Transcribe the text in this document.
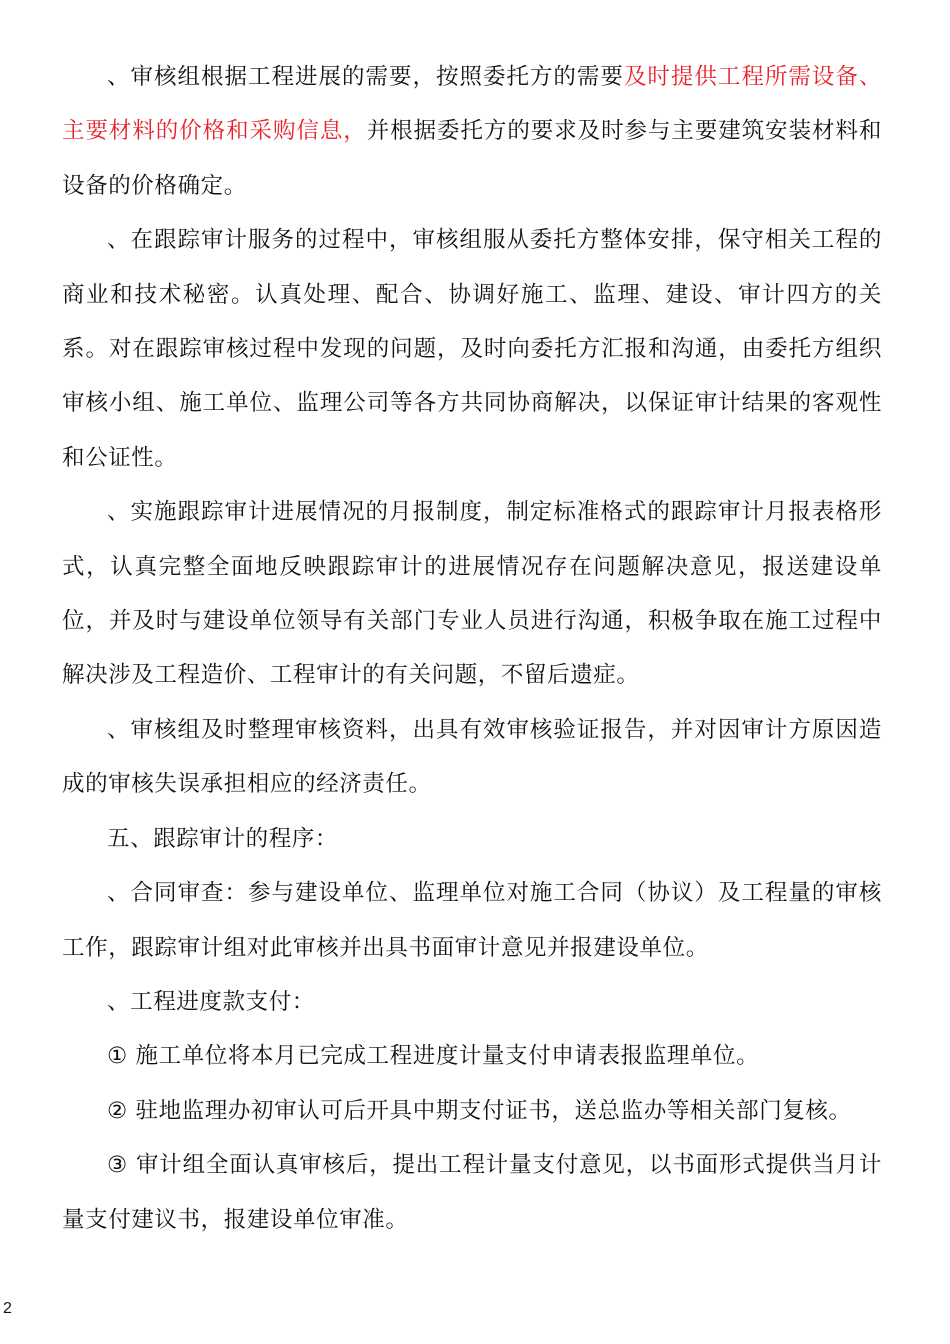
、审核组根据工程进展的需要，按照委托方的需要及时提供工程所需设备、主要材料的价格和采购信息，并根据委托方的要求及时参与主要建筑安装材料和设备的价格确定。

、在跟踪审计服务的过程中，审核组服从委托方整体安排，保守相关工程的商业和技术秘密。认真处理、配合、协调好施工、监理、建设、审计四方的关系。对在跟踪审核过程中发现的问题，及时向委托方汇报和沟通，由委托方组织审核小组、施工单位、监理公司等各方共同协商解决，以保证审计结果的客观性和公证性。

、实施跟踪审计进展情况的月报制度，制定标准格式的跟踪审计月报表格形式，认真完整全面地反映跟踪审计的进展情况存在问题解决意见，报送建设单位，并及时与建设单位领导有关部门专业人员进行沟通，积极争取在施工过程中解决涉及工程造价、工程审计的有关问题，不留后遗症。

、审核组及时整理审核资料，出具有效审核验证报告，并对因审计方原因造成的审核失误承担相应的经济责任。

五、跟踪审计的程序：

、合同审查：参与建设单位、监理单位对施工合同（协议）及工程量的审核工作，跟踪审计组对此审核并出具书面审计意见并报建设单位。

、工程进度款支付：

① 施工单位将本月已完成工程进度计量支付申请表报监理单位。

② 驻地监理办初审认可后开具中期支付证书，送总监办等相关部门复核。

③ 审计组全面认真审核后，提出工程计量支付意见，以书面形式提供当月计量支付建议书，报建设单位审准。

2
